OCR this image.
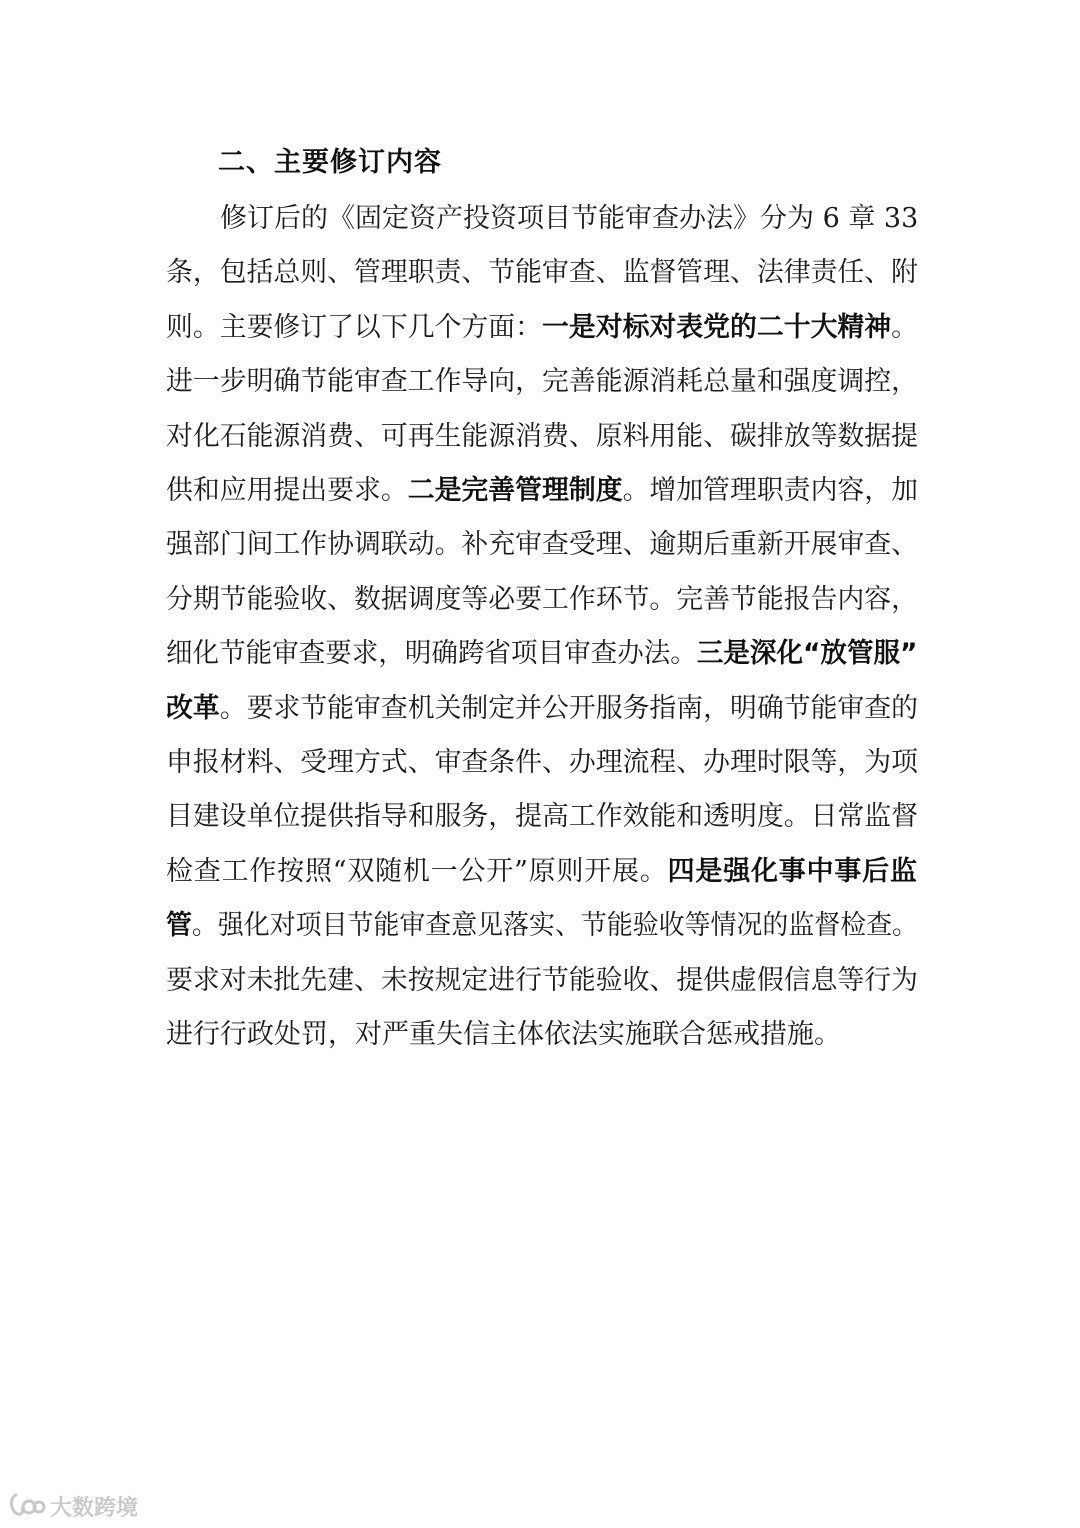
二、主要修订内容
修订后的《固定资产投资项目节能审查办法》分为 6 章 33
条，包括总则、管理职责、节能审查、监督管理、法律责任、附
则。主要修订了以下几个方面：一是对标对表党的二十大精神。
进一步明确节能审查工作导向，完善能源消耗总量和强度调控，
对化石能源消费、可再生能源消费、原料用能、碳排放等数据提
供和应用提出要求。二是完善管理制度。增加管理职责内容，加
强部门间工作协调联动。补充审查受理、逾期后重新开展审查、
分期节能验收、数据调度等必要工作环节。完善节能报告内容，
细化节能审查要求，明确跨省项目审查办法。三是深化“放管服”
改革。要求节能审查机关制定并公开服务指南，明确节能审查的
申报材料、受理方式、审查条件、办理流程、办理时限等，为项
目建设单位提供指导和服务，提高工作效能和透明度。日常监督
检查工作按照“双随机一公开”原则开展。四是强化事中事后监
管。强化对项目节能审查意见落实、节能验收等情况的监督检查。
要求对未批先建、未按规定进行节能验收、提供虚假信息等行为
进行行政处罚，对严重失信主体依法实施联合惩戒措施。
大数跨境
